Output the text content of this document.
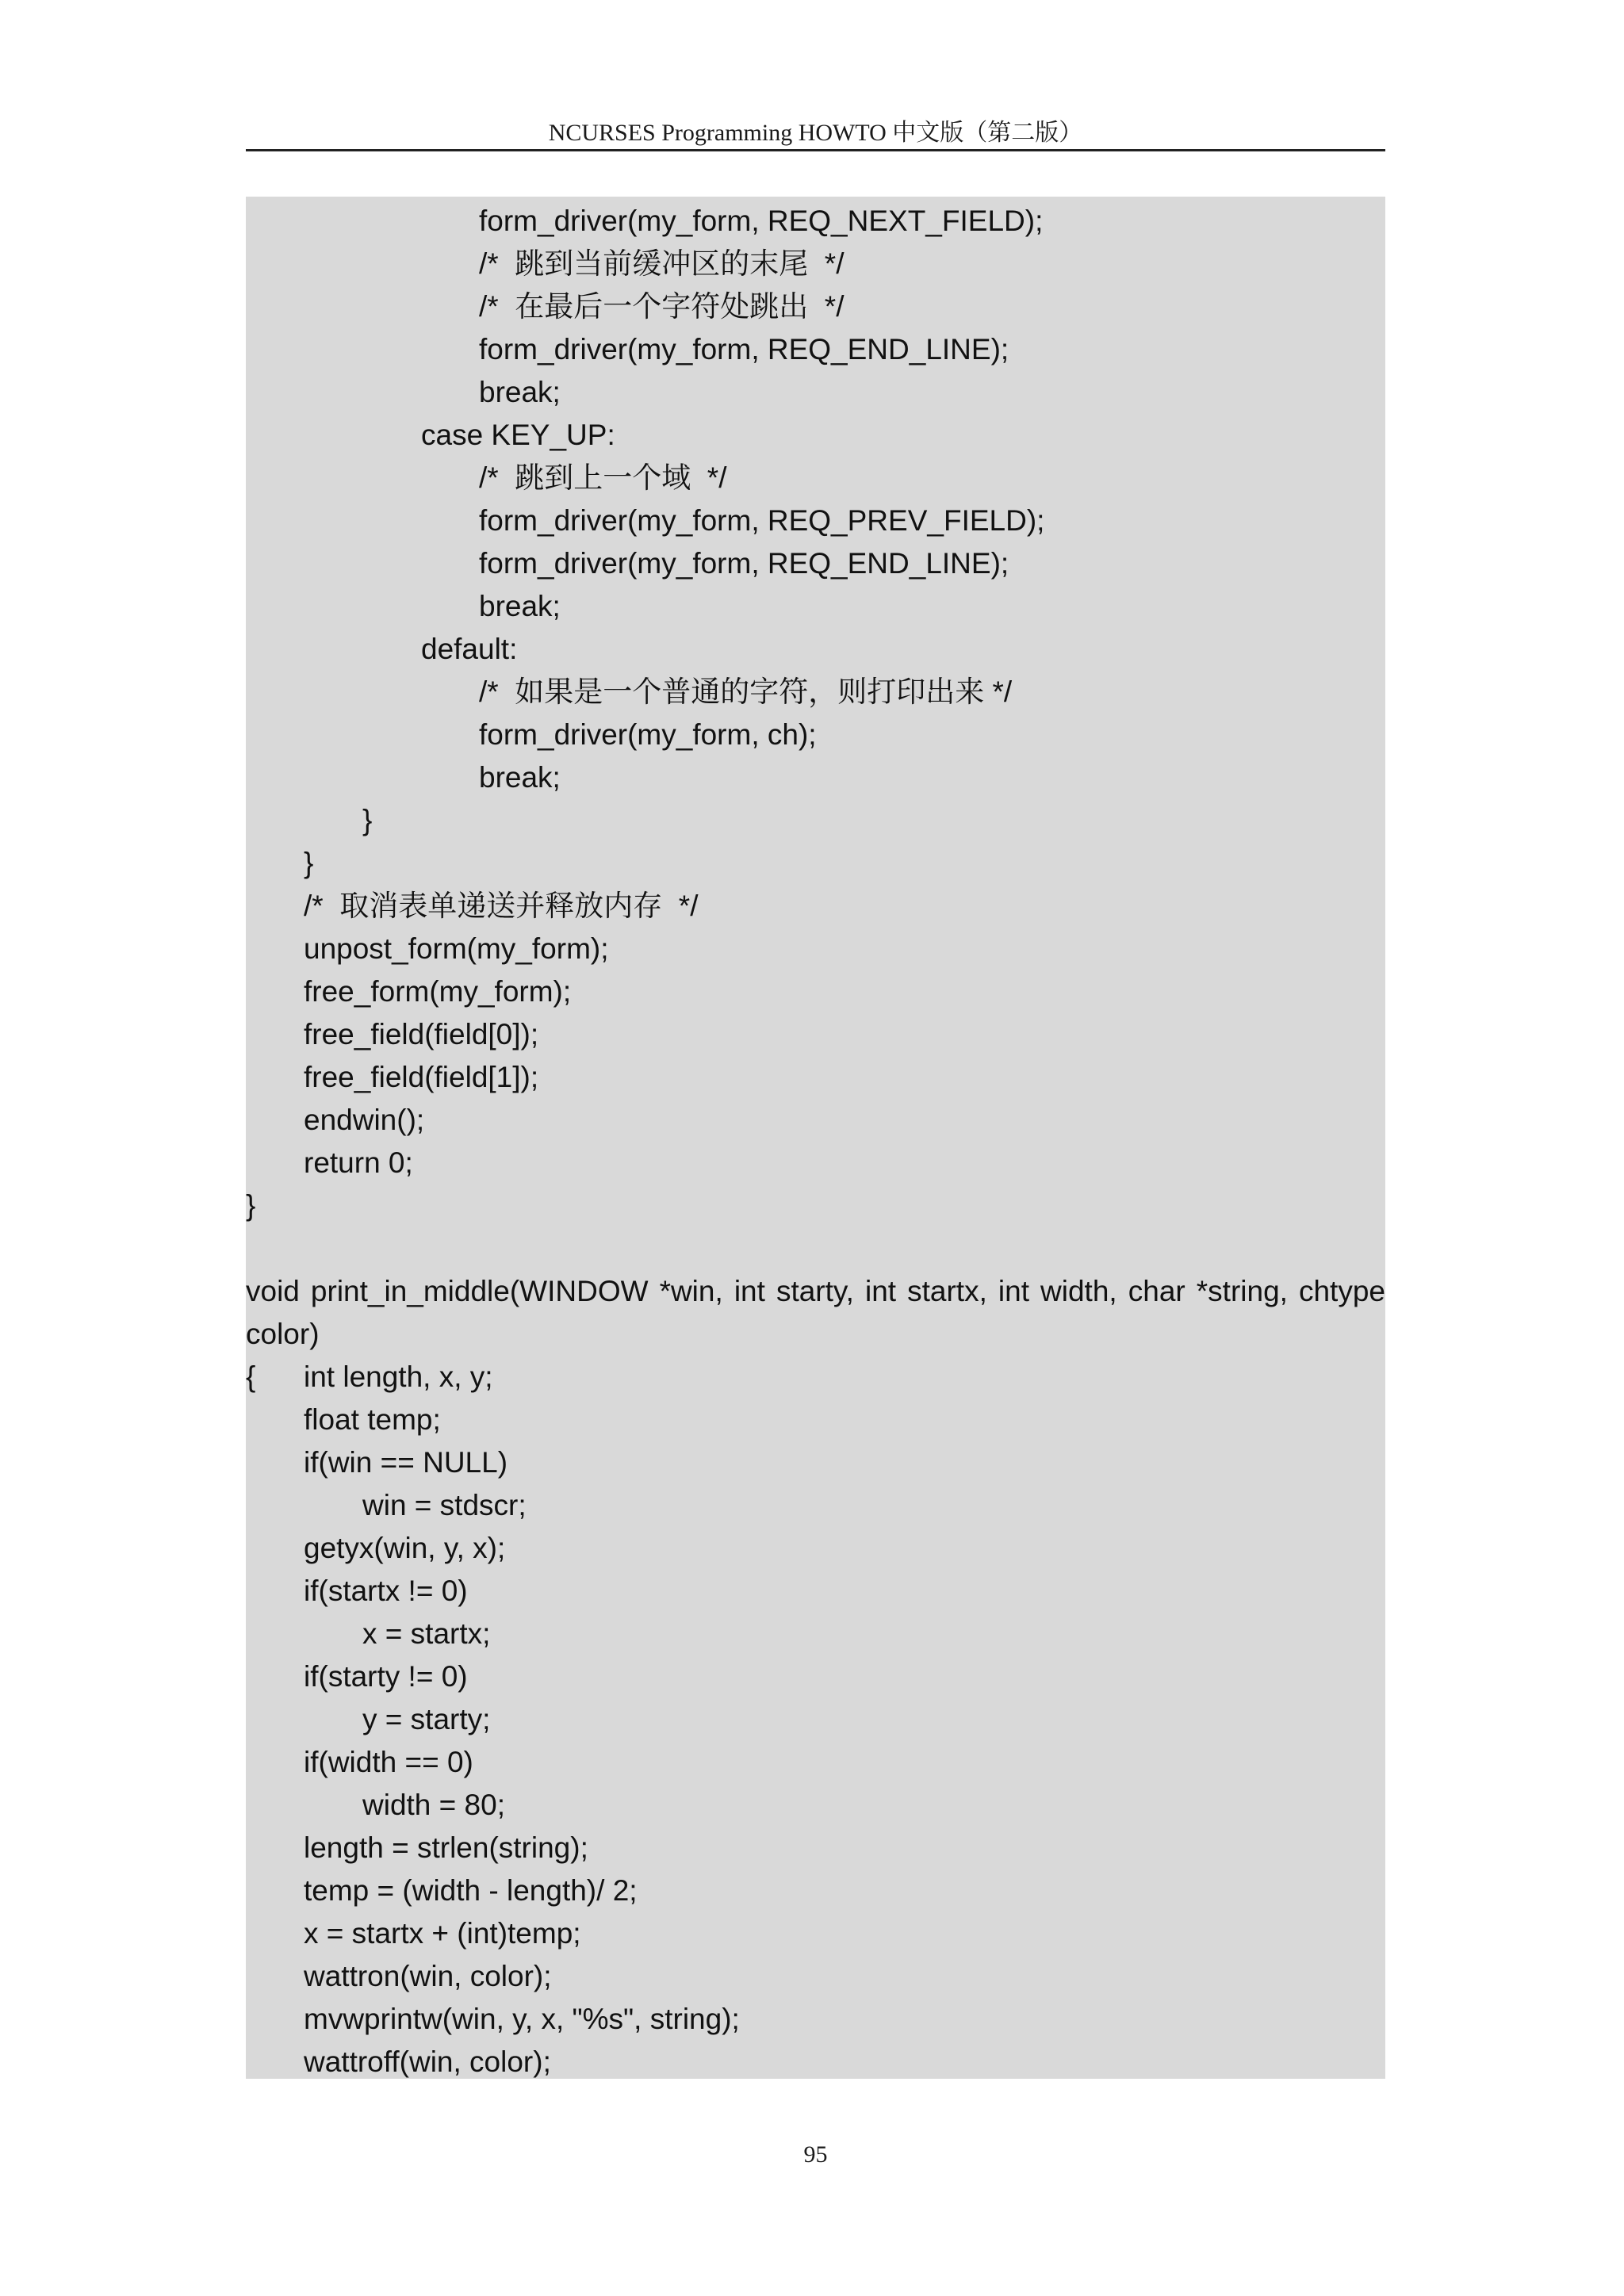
NCURSES Programming HOWTO 中文版（第二版）
form_driver(my_form, REQ_NEXT_FIELD);
/*  跳到当前缓冲区的末尾  */
/*  在最后一个字符处跳出  */
form_driver(my_form, REQ_END_LINE);
break;
case KEY_UP:
/*  跳到上一个域  */
form_driver(my_form, REQ_PREV_FIELD);
form_driver(my_form, REQ_END_LINE);
break;
default:
/*  如果是一个普通的字符，则打印出来 */
form_driver(my_form, ch);
break;
}
}
/*  取消表单递送并释放内存  */
unpost_form(my_form);
free_form(my_form);
free_field(field[0]);
free_field(field[1]);
endwin();
return 0;
}
void print_in_middle(WINDOW *win, int starty, int startx, int width, char *string, chtype
color)
{ int length, x, y;
float temp;
if(win == NULL)
win = stdscr;
getyx(win, y, x);
if(startx != 0)
x = startx;
if(starty != 0)
y = starty;
if(width == 0)
width = 80;
length = strlen(string);
temp = (width - length)/ 2;
x = startx + (int)temp;
wattron(win, color);
mvwprintw(win, y, x, "%s", string);
wattroff(win, color);
95
